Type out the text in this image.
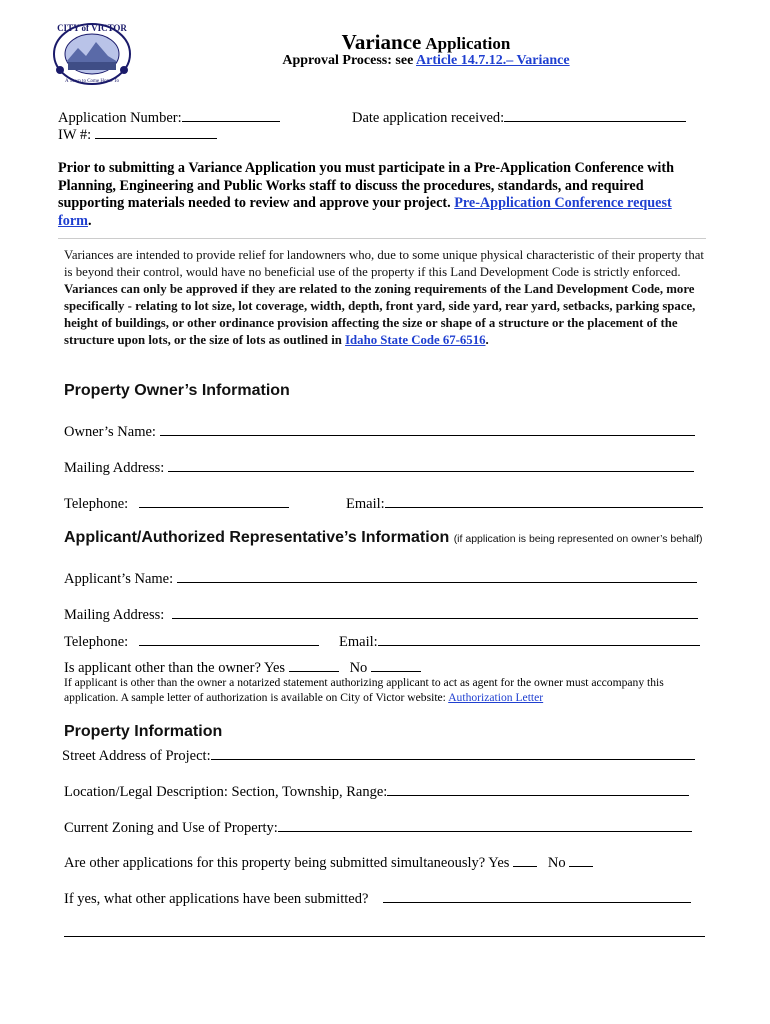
CITY of VICTOR
A Town to Come Home To
Variance Application
Approval Process: see Article 14.7.12.– Variance
Application Number:	Date application received:
IW #:
Prior to submitting a Variance Application you must participate in a Pre-Application Conference with Planning, Engineering and Public Works staff to discuss the procedures, standards, and required supporting materials needed to review and approve your project. Pre-Application Conference request form.
Variances are intended to provide relief for landowners who, due to some unique physical characteristic of their property that is beyond their control, would have no beneficial use of the property if this Land Development Code is strictly enforced. Variances can only be approved if they are related to the zoning requirements of the Land Development Code, more specifically - relating to lot size, lot coverage, width, depth, front yard, side yard, rear yard, setbacks, parking space, height of buildings, or other ordinance provision affecting the size or shape of a structure or the placement of the structure upon lots, or the size of lots as outlined in Idaho State Code 67-6516.
Property Owner’s Information
Owner’s Name:
Mailing Address:
Telephone:	Email:
Applicant/Authorized Representative’s Information (if application is being represented on owner’s behalf)
Applicant’s Name:
Mailing Address:
Telephone:	Email:
Is applicant other than the owner? Yes	No
If applicant is other than the owner a notarized statement authorizing applicant to act as agent for the owner must accompany this application. A sample letter of authorization is available on City of Victor website: Authorization Letter
Property Information
Street Address of Project:
Location/Legal Description: Section, Township, Range:
Current Zoning and Use of Property:
Are other applications for this property being submitted simultaneously? Yes	No
If yes, what other applications have been submitted?
